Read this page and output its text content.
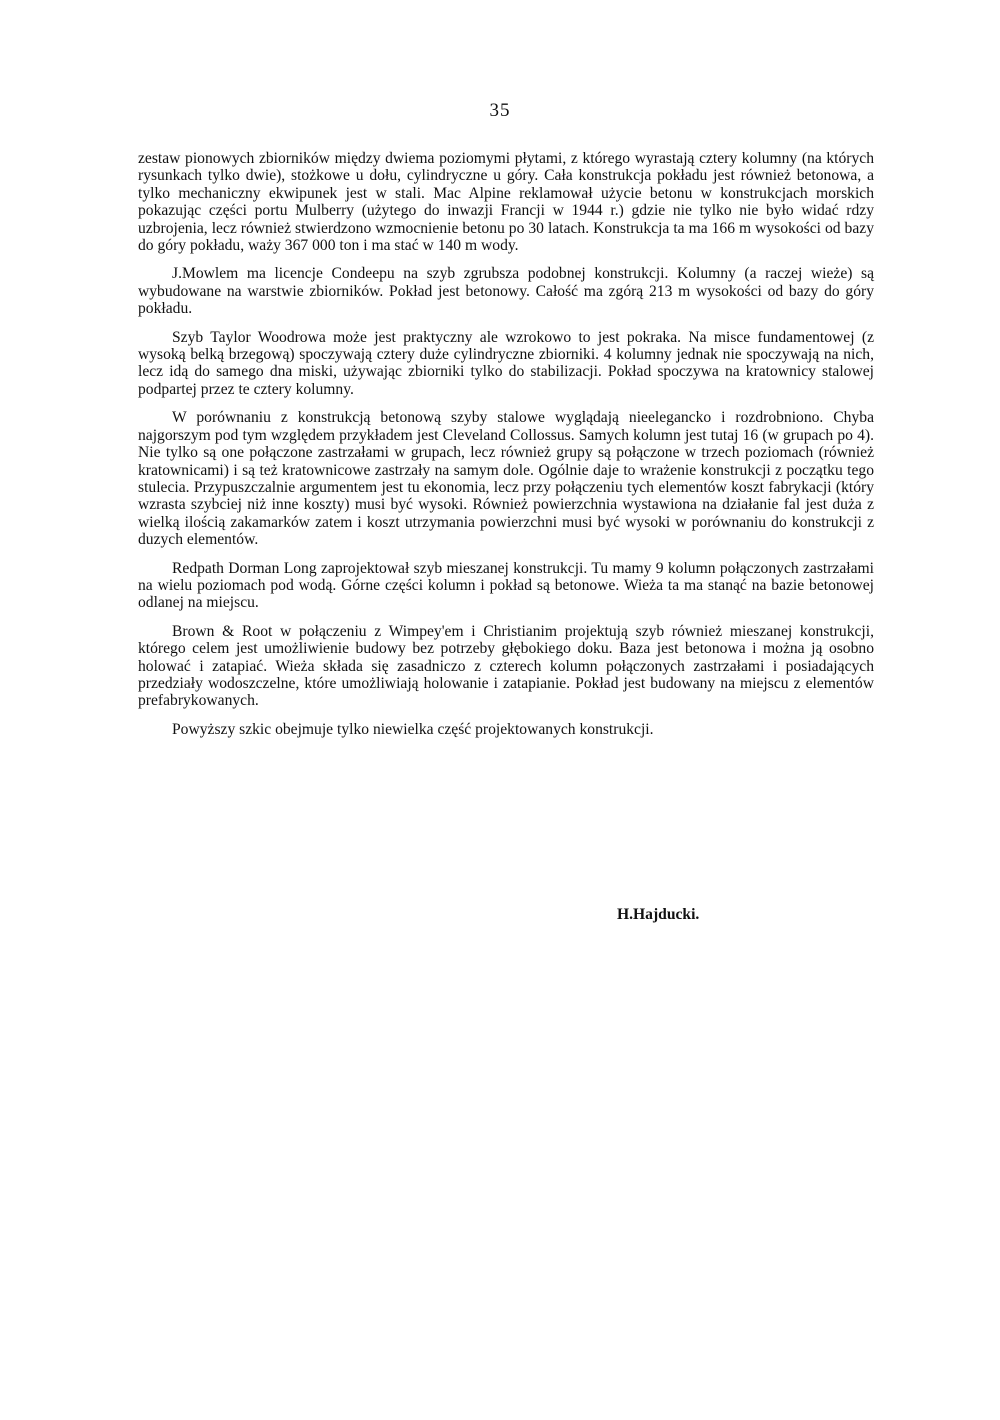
35

zestaw pionowych zbiorników między dwiema poziomymi płytami, z którego wyrastają cztery kolumny (na których rysunkach tylko dwie), stożkowe u dołu, cylindryczne u góry. Cała konstrukcja pokładu jest również betonowa, a tylko mechaniczny ekwipunek jest w stali. Mac Alpine reklamował użycie betonu w konstrukcjach morskich pokazując części portu Mulberry (użytego do inwazji Francji w 1944 r.) gdzie nie tylko nie było widać rdzy uzbrojenia, lecz również stwierdzono wzmocnienie betonu po 30 latach. Konstrukcja ta ma 166 m wysokości od bazy do góry pokładu, waży 367 000 ton i ma stać w 140 m wody.

J.Mowlem ma licencje Condeepu na szyb zgrubsza podobnej konstrukcji. Kolumny (a raczej wieże) są wybudowane na warstwie zbiorników. Pokład jest betonowy. Całość ma zgórą 213 m wysokości od bazy do góry pokładu.

Szyb Taylor Woodrowa może jest praktyczny ale wzrokowo to jest pokraka. Na misce fundamentowej (z wysoką belką brzegową) spoczywają cztery duże cylindryczne zbiorniki. 4 kolumny jednak nie spoczywają na nich, lecz idą do samego dna miski, używając zbiorniki tylko do stabilizacji. Pokład spoczywa na kratownicy stalowej podpartej przez te cztery kolumny.

W porównaniu z konstrukcją betonową szyby stalowe wyglądają nieelegancko i rozdrobniono. Chyba najgorszym pod tym względem przykładem jest Cleveland Collossus. Samych kolumn jest tutaj 16 (w grupach po 4). Nie tylko są one połączone zastrzałami w grupach, lecz również grupy są połączone w trzech poziomach (również kratownicami) i są też kratownicowe zastrzały na samym dole. Ogólnie daje to wrażenie konstrukcji z początku tego stulecia. Przypuszczalnie argumentem jest tu ekonomia, lecz przy połączeniu tych elementów koszt fabrykacji (który wzrasta szybciej niż inne koszty) musi być wysoki. Również powierzchnia wystawiona na działanie fal jest duża z wielką ilością zakamarków zatem i koszt utrzymania powierzchni musi być wysoki w porównaniu do konstrukcji z duzych elementów.

Redpath Dorman Long zaprojektował szyb mieszanej konstrukcji. Tu mamy 9 kolumn połączonych zastrzałami na wielu poziomach pod wodą. Górne części kolumn i pokład są betonowe. Wieża ta ma stanąć na bazie betonowej odlanej na miejscu.

Brown & Root w połączeniu z Wimpey'em i Christianim projektują szyb również mieszanej konstrukcji, którego celem jest umożliwienie budowy bez potrzeby głębokiego doku. Baza jest betonowa i można ją osobno holować i zatapiać. Wieża składa się zasadniczo z czterech kolumn połączonych zastrzałami i posiadających przedziały wodoszczelne, które umożliwiają holowanie i zatapianie. Pokład jest budowany na miejscu z elementów prefabrykowanych.

Powyższy szkic obejmuje tylko niewielka część projektowanych konstrukcji.

H.Hajducki.
